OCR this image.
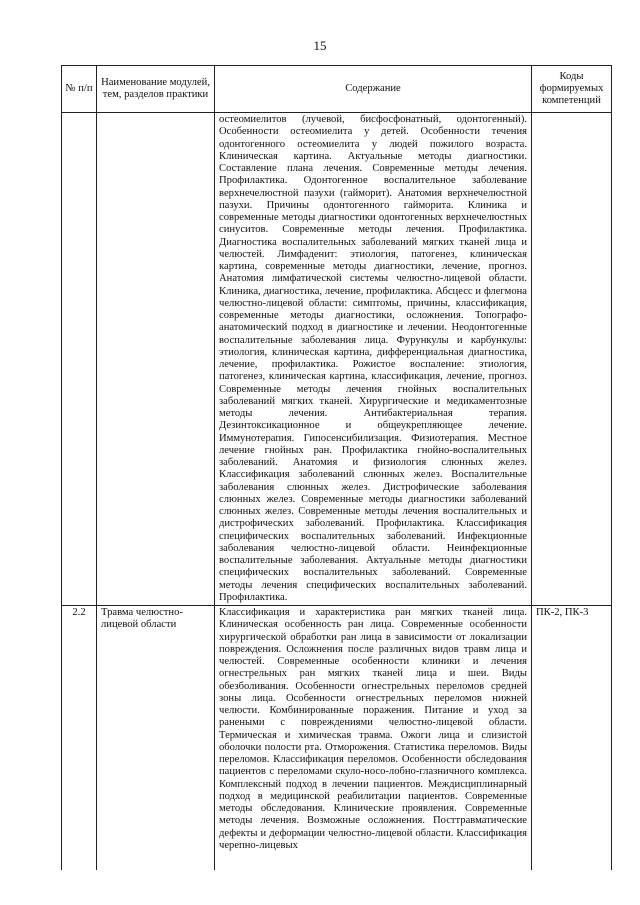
15
№ п/п	Наименование модулей, тем, разделов практики	Содержание	Коды формируемых компетенций
		остеомиелитов (лучевой, бисфосфонатный, одонтогенный). Особенности остеомиелита у детей. Особенности течения одонтогенного остеомиелита у людей пожилого возраста. Клиническая картина. Актуальные методы диагностики. Составление плана лечения. Современные методы лечения. Профилактика. Одонтогенное воспалительное заболевание верхнечелюстной пазухи (гайморит). Анатомия верхнечелюстной пазухи. Причины одонтогенного гайморита. Клиника и современные методы диагностики одонтогенных верхнечелюстных синуситов. Современные методы лечения. Профилактика. Диагностика воспалительных заболеваний мягких тканей лица и челюстей. Лимфаденит: этиология, патогенез, клиническая картина, современные методы диагностики, лечение, прогноз. Анатомия лимфатической системы челюстно-лицевой области. Клиника, диагностика, лечение, профилактика. Абсцесс и флегмона челюстно-лицевой области: симптомы, причины, классификация, современные методы диагностики, осложнения. Топографо-анатомический подход в диагностике и лечении. Неодонтогенные воспалительные заболевания лица. Фурункулы и карбункулы: этиология, клиническая картина, дифференциальная диагностика, лечение, профилактика. Рожистое воспаление: этиология, патогенез, клиническая картина, классификация, лечение, прогноз. Современные методы лечения гнойных воспалительных заболеваний мягких тканей. Хирургические и медикаментозные методы лечения. Антибактериальная терапия. Дезинтоксикационное и общеукрепляющее лечение. Иммунотерапия. Гипосенсибилизация. Физиотерапия. Местное лечение гнойных ран. Профилактика гнойно-воспалительных заболеваний. Анатомия и физиология слюнных желез. Классификация заболеваний слюнных желез. Воспалительные заболевания слюнных желез. Дистрофические заболевания слюнных желез. Современные методы диагностики заболеваний слюнных желез. Современные методы лечения воспалительных и дистрофических заболеваний. Профилактика. Классификация специфических воспалительных заболеваний. Инфекционные заболевания челюстно-лицевой области. Неинфекционные воспалительные заболевания. Актуальные методы диагностики специфических воспалительных заболеваний. Современные методы лечения специфических воспалительных заболеваний. Профилактика.	
2.2	Травма челюстно-лицевой области	Классификация и характеристика ран мягких тканей лица. Клиническая особенность ран лица. Современные особенности хирургической обработки ран лица в зависимости от локализации повреждения. Осложнения после различных видов травм лица и челюстей. Современные особенности клиники и лечения огнестрельных ран мягких тканей лица и шеи. Виды обезболивания. Особенности огнестрельных переломов средней зоны лица. Особенности огнестрельных переломов нижней челюсти. Комбинированные поражения. Питание и уход за ранеными с повреждениями челюстно-лицевой области. Термическая и химическая травма. Ожоги лица и слизистой оболочки полости рта. Отморожения. Статистика переломов. Виды переломов. Классификация переломов. Особенности обследования пациентов с переломами скуло-носо-лобно-глазничного комплекса. Комплексный подход в лечении пациентов. Междисциплинарный подход в медицинской реабилитации пациентов. Современные методы обследования. Клинические проявления. Современные методы лечения. Возможные осложнения. Посттравматические дефекты и деформации челюстно-лицевой области. Классификация черепно-лицевых	ПК-2, ПК-3
